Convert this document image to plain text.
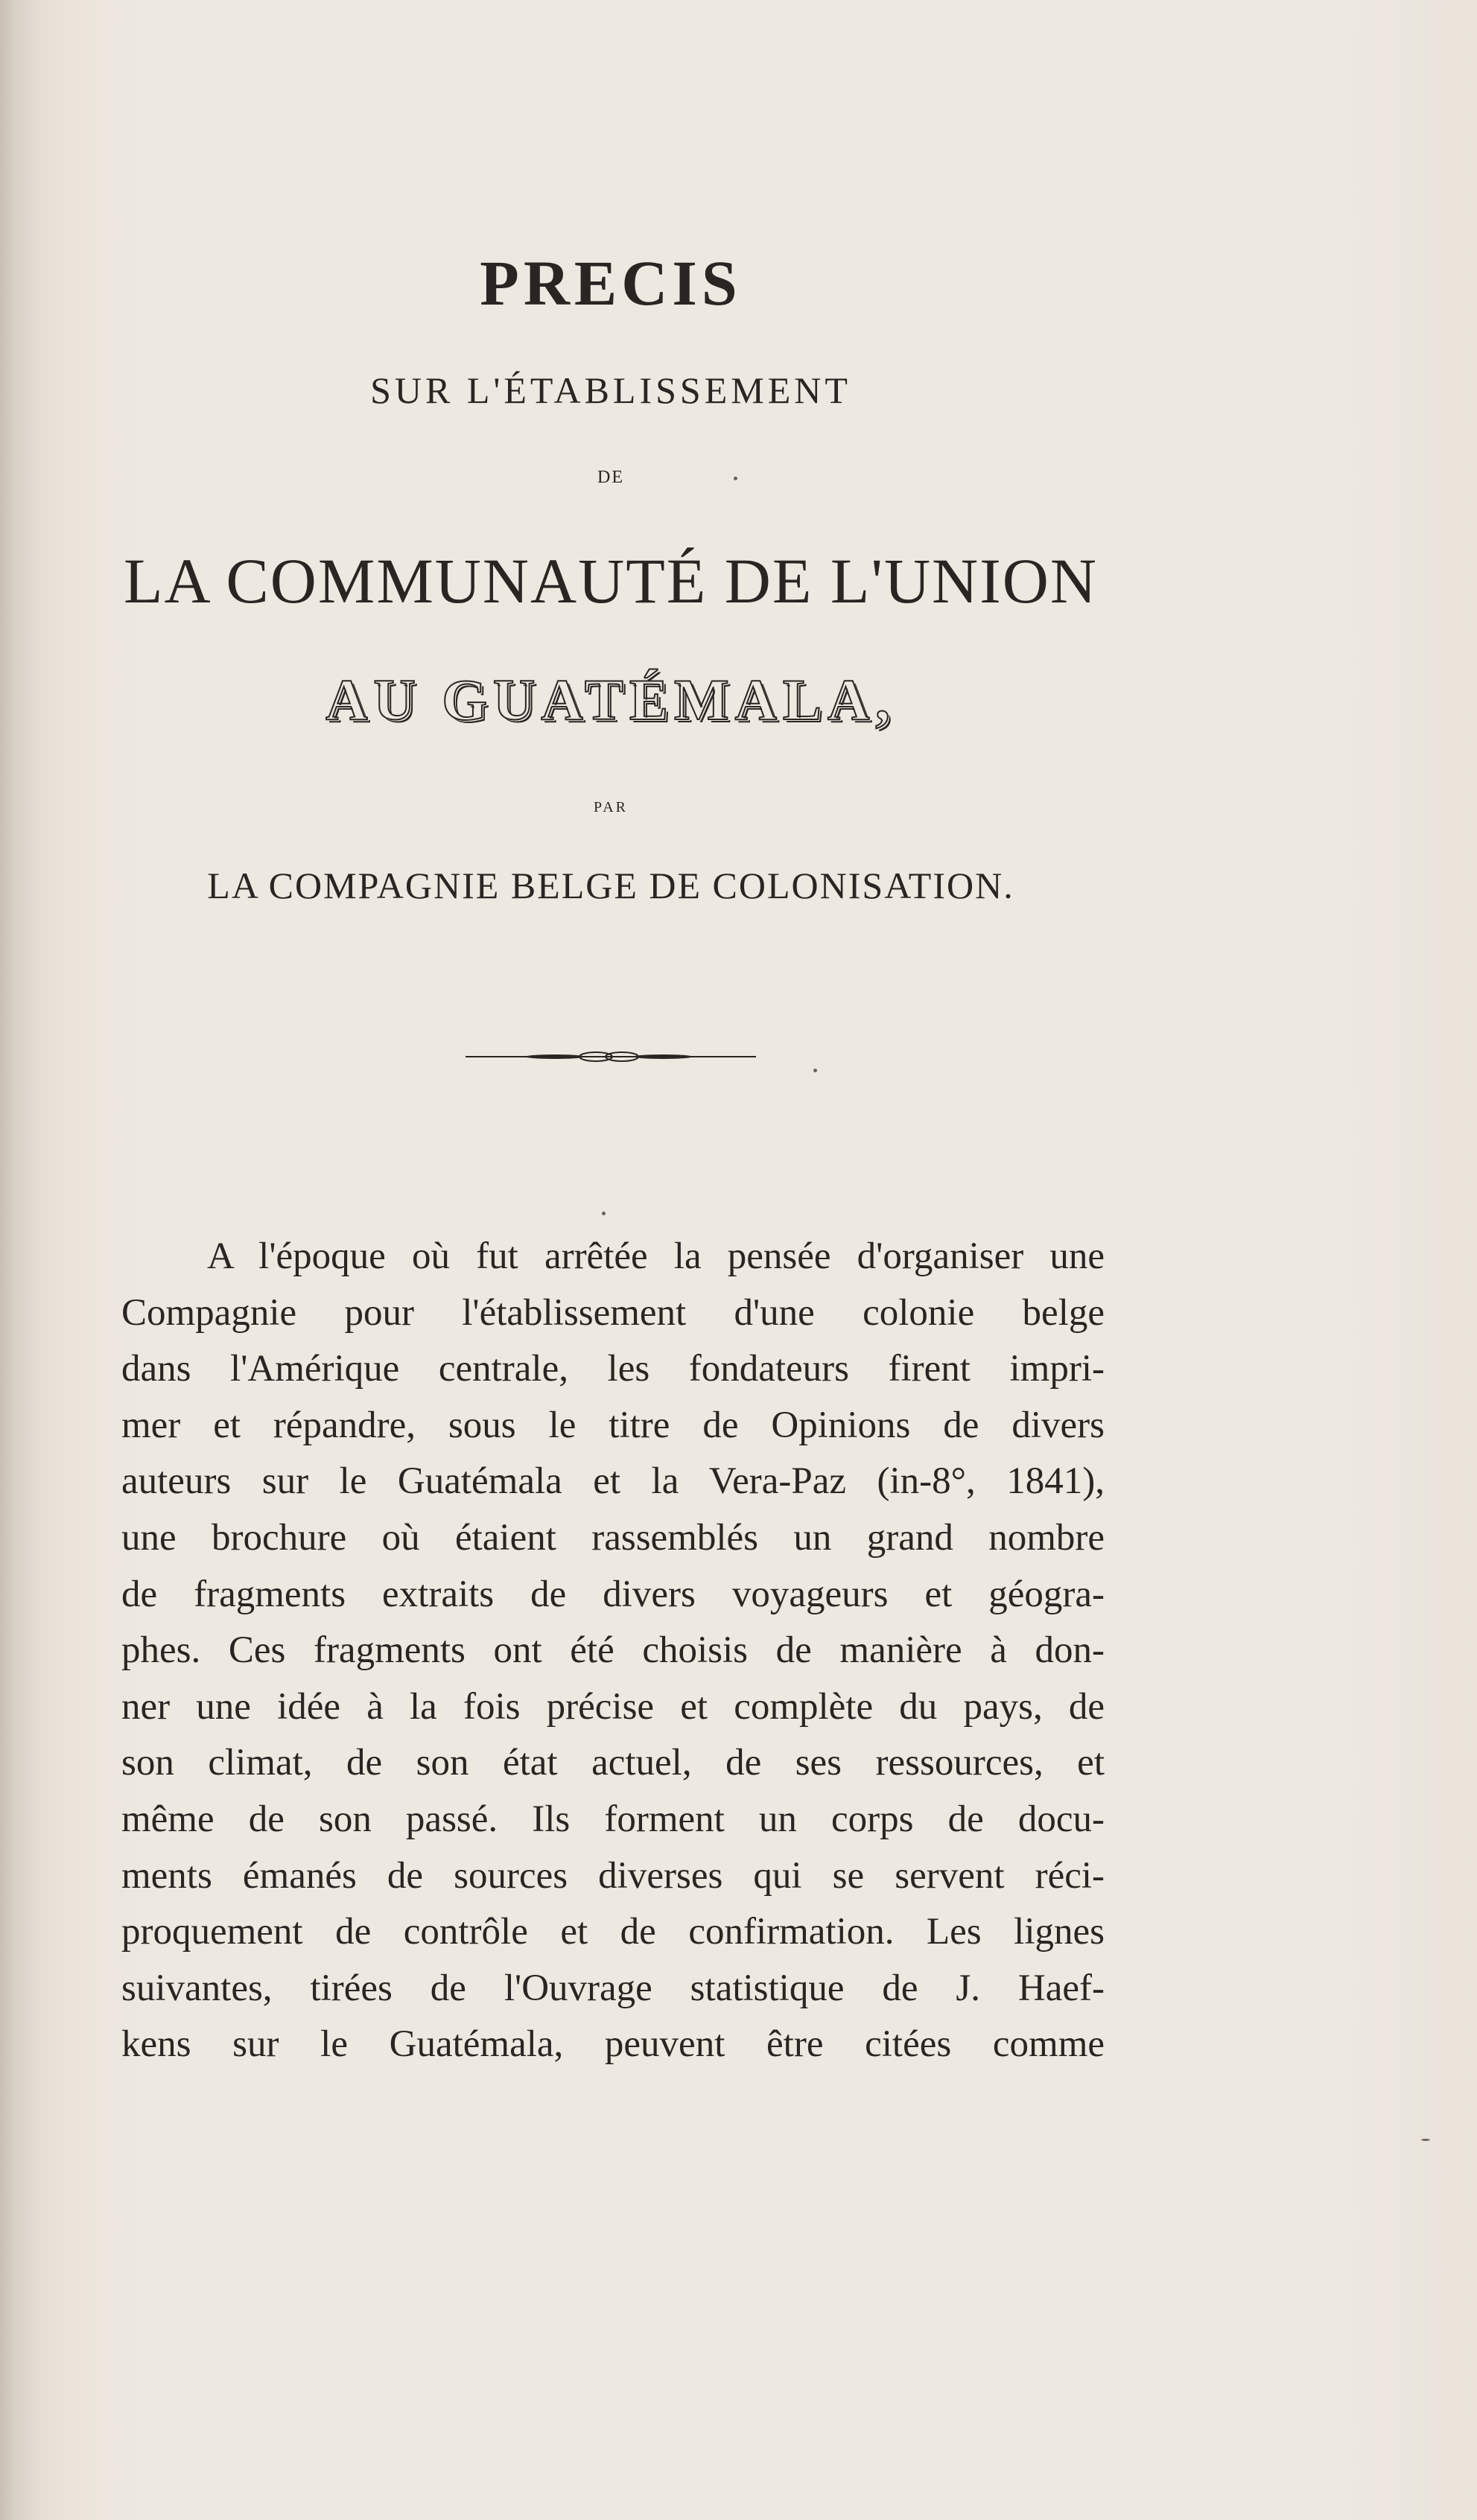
PRECIS
SUR L'ÉTABLISSEMENT
DE
LA COMMUNAUTÉ DE L'UNION
AU GUATÉMALA,
PAR
LA COMPAGNIE BELGE DE COLONISATION.
A l'époque où fut arrêtée la pensée d'organiser une
Compagnie pour l'établissement d'une colonie belge
dans l'Amérique centrale, les fondateurs firent impri-
mer et répandre, sous le titre de Opinions de divers
auteurs sur le Guatémala et la Vera-Paz (in-8°, 1841),
une brochure où étaient rassemblés un grand nombre
de fragments extraits de divers voyageurs et géogra-
phes. Ces fragments ont été choisis de manière à don-
ner une idée à la fois précise et complète du pays, de
son climat, de son état actuel, de ses ressources, et
même de son passé. Ils forment un corps de docu-
ments émanés de sources diverses qui se servent réci-
proquement de contrôle et de confirmation. Les lignes
suivantes, tirées de l'Ouvrage statistique de J. Haef-
kens sur le Guatémala, peuvent être citées comme
